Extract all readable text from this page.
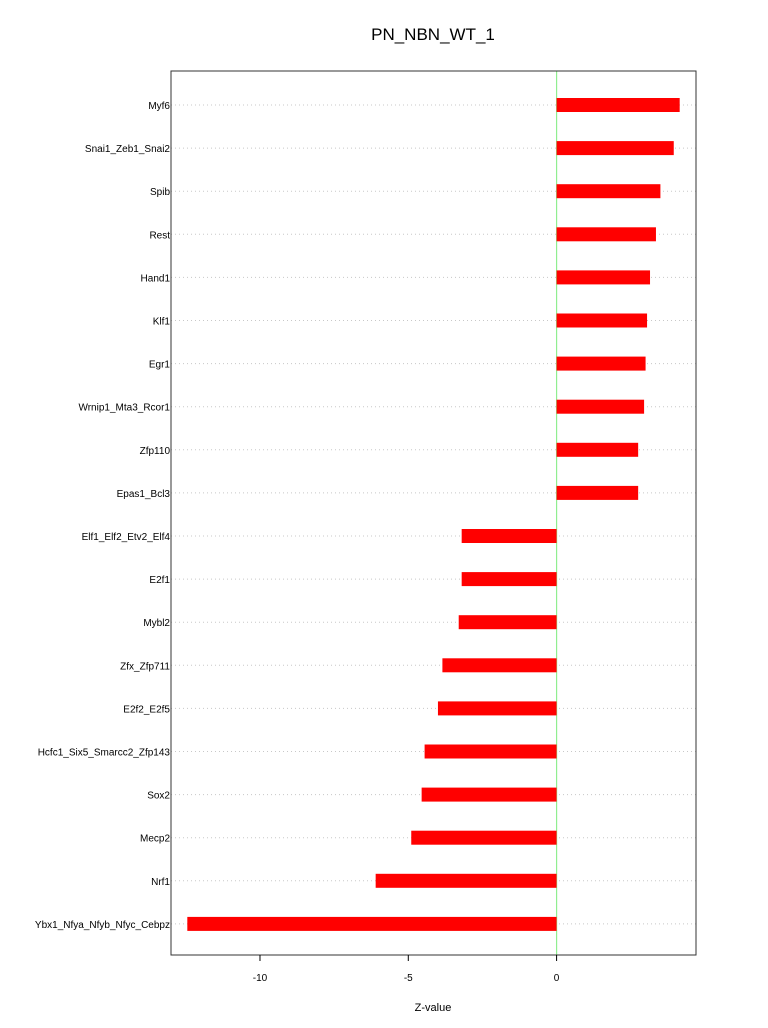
PN_NBN_WT_1
Myf6
Snai1_Zeb1_Snai2
Spib
Rest
Hand1
Klf1
Egr1
Wrnip1_Mta3_Rcor1
Zfp110
Epas1_Bcl3
Elf1_Elf2_Etv2_Elf4
E2f1
Mybl2
Zfx_Zfp711
E2f2_E2f5
Hcfc1_Six5_Smarcc2_Zfp143
Sox2
Mecp2
Nrf1
Ybx1_Nfya_Nfyb_Nfyc_Cebpz
-10	-5	0
Z-value
